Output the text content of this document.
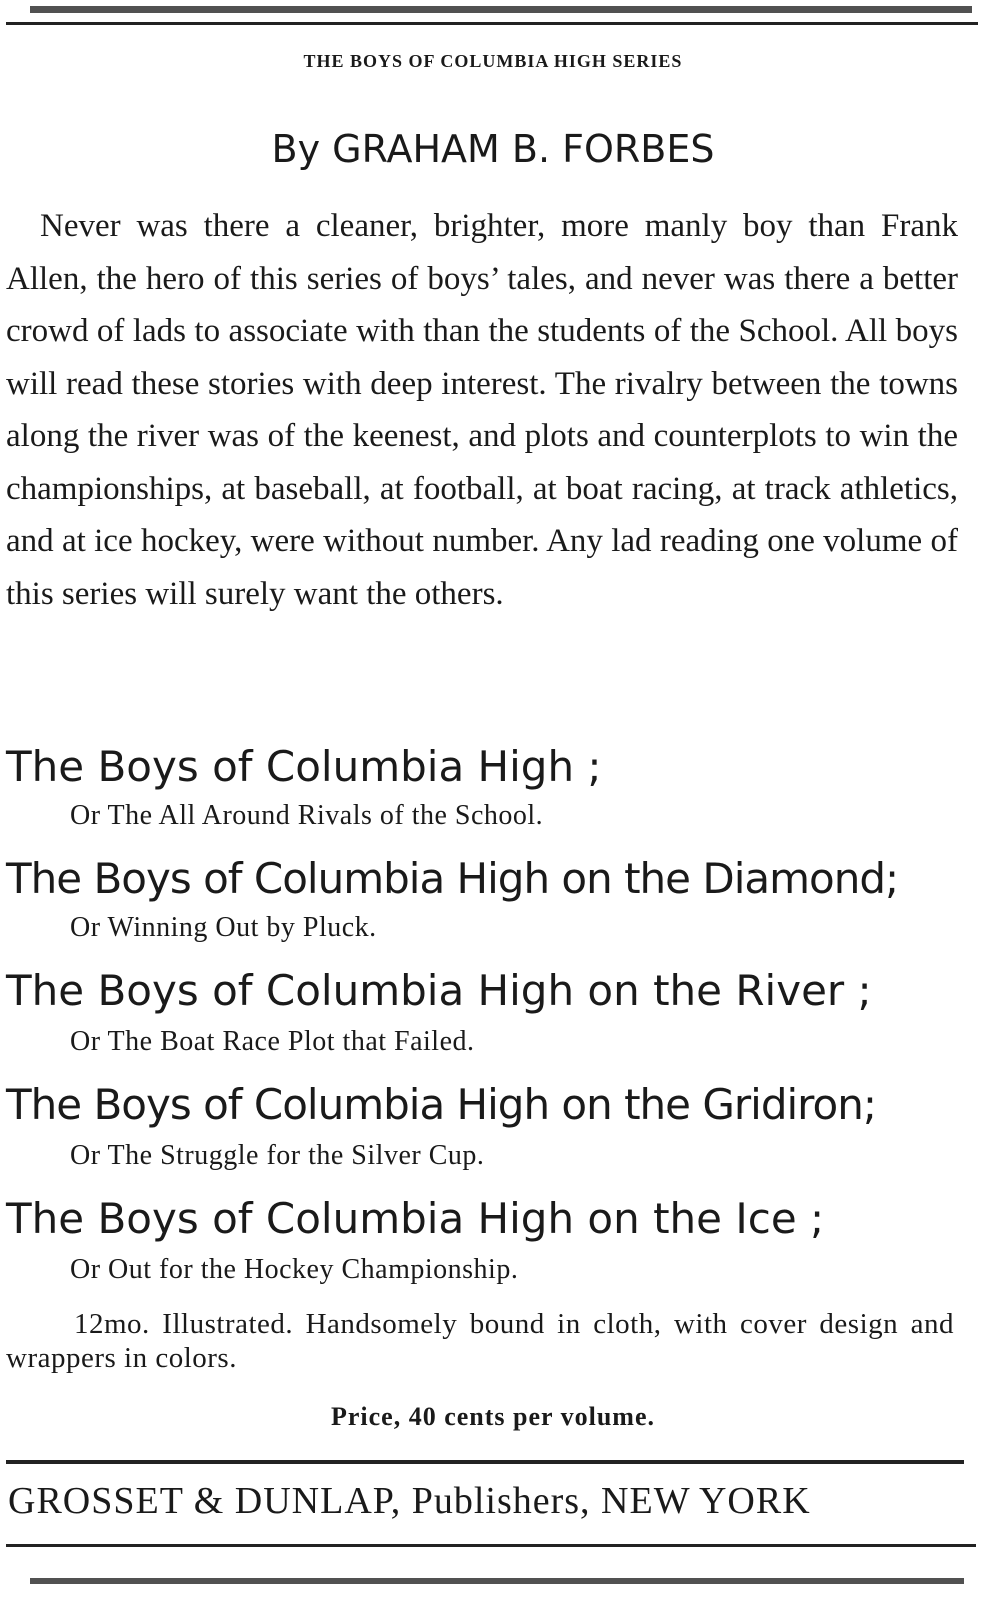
THE BOYS OF COLUMBIA HIGH SERIES
By GRAHAM B. FORBES

Never was there a cleaner, brighter, more manly boy than Frank Allen, the hero of this series of boys’ tales, and never was there a better crowd of lads to associate with than the students of the School. All boys will read these stories with deep interest. The rivalry between the towns along the river was of the keenest, and plots and counterplots to win the championships, at baseball, at football, at boat racing, at track athletics, and at ice hockey, were without number. Any lad reading one volume of this series will surely want the others.

The Boys of Columbia High ;

Or The All Around Rivals of the School.

The Boys of Columbia High on the Diamond;

Or Winning Out by Pluck.

The Boys of Columbia High on the River ;

Or The Boat Race Plot that Failed.

The Boys of Columbia High on the Gridiron;

Or The Struggle for the Silver Cup.

The Boys of Columbia High on the Ice ;

Or Out for the Hockey Championship.

12mo. Illustrated. Handsomely bound in cloth, with cover design and wrappers in colors.

Price, 40 cents per volume.

GROSSET & DUNLAP, Publishers, NEW YORK
